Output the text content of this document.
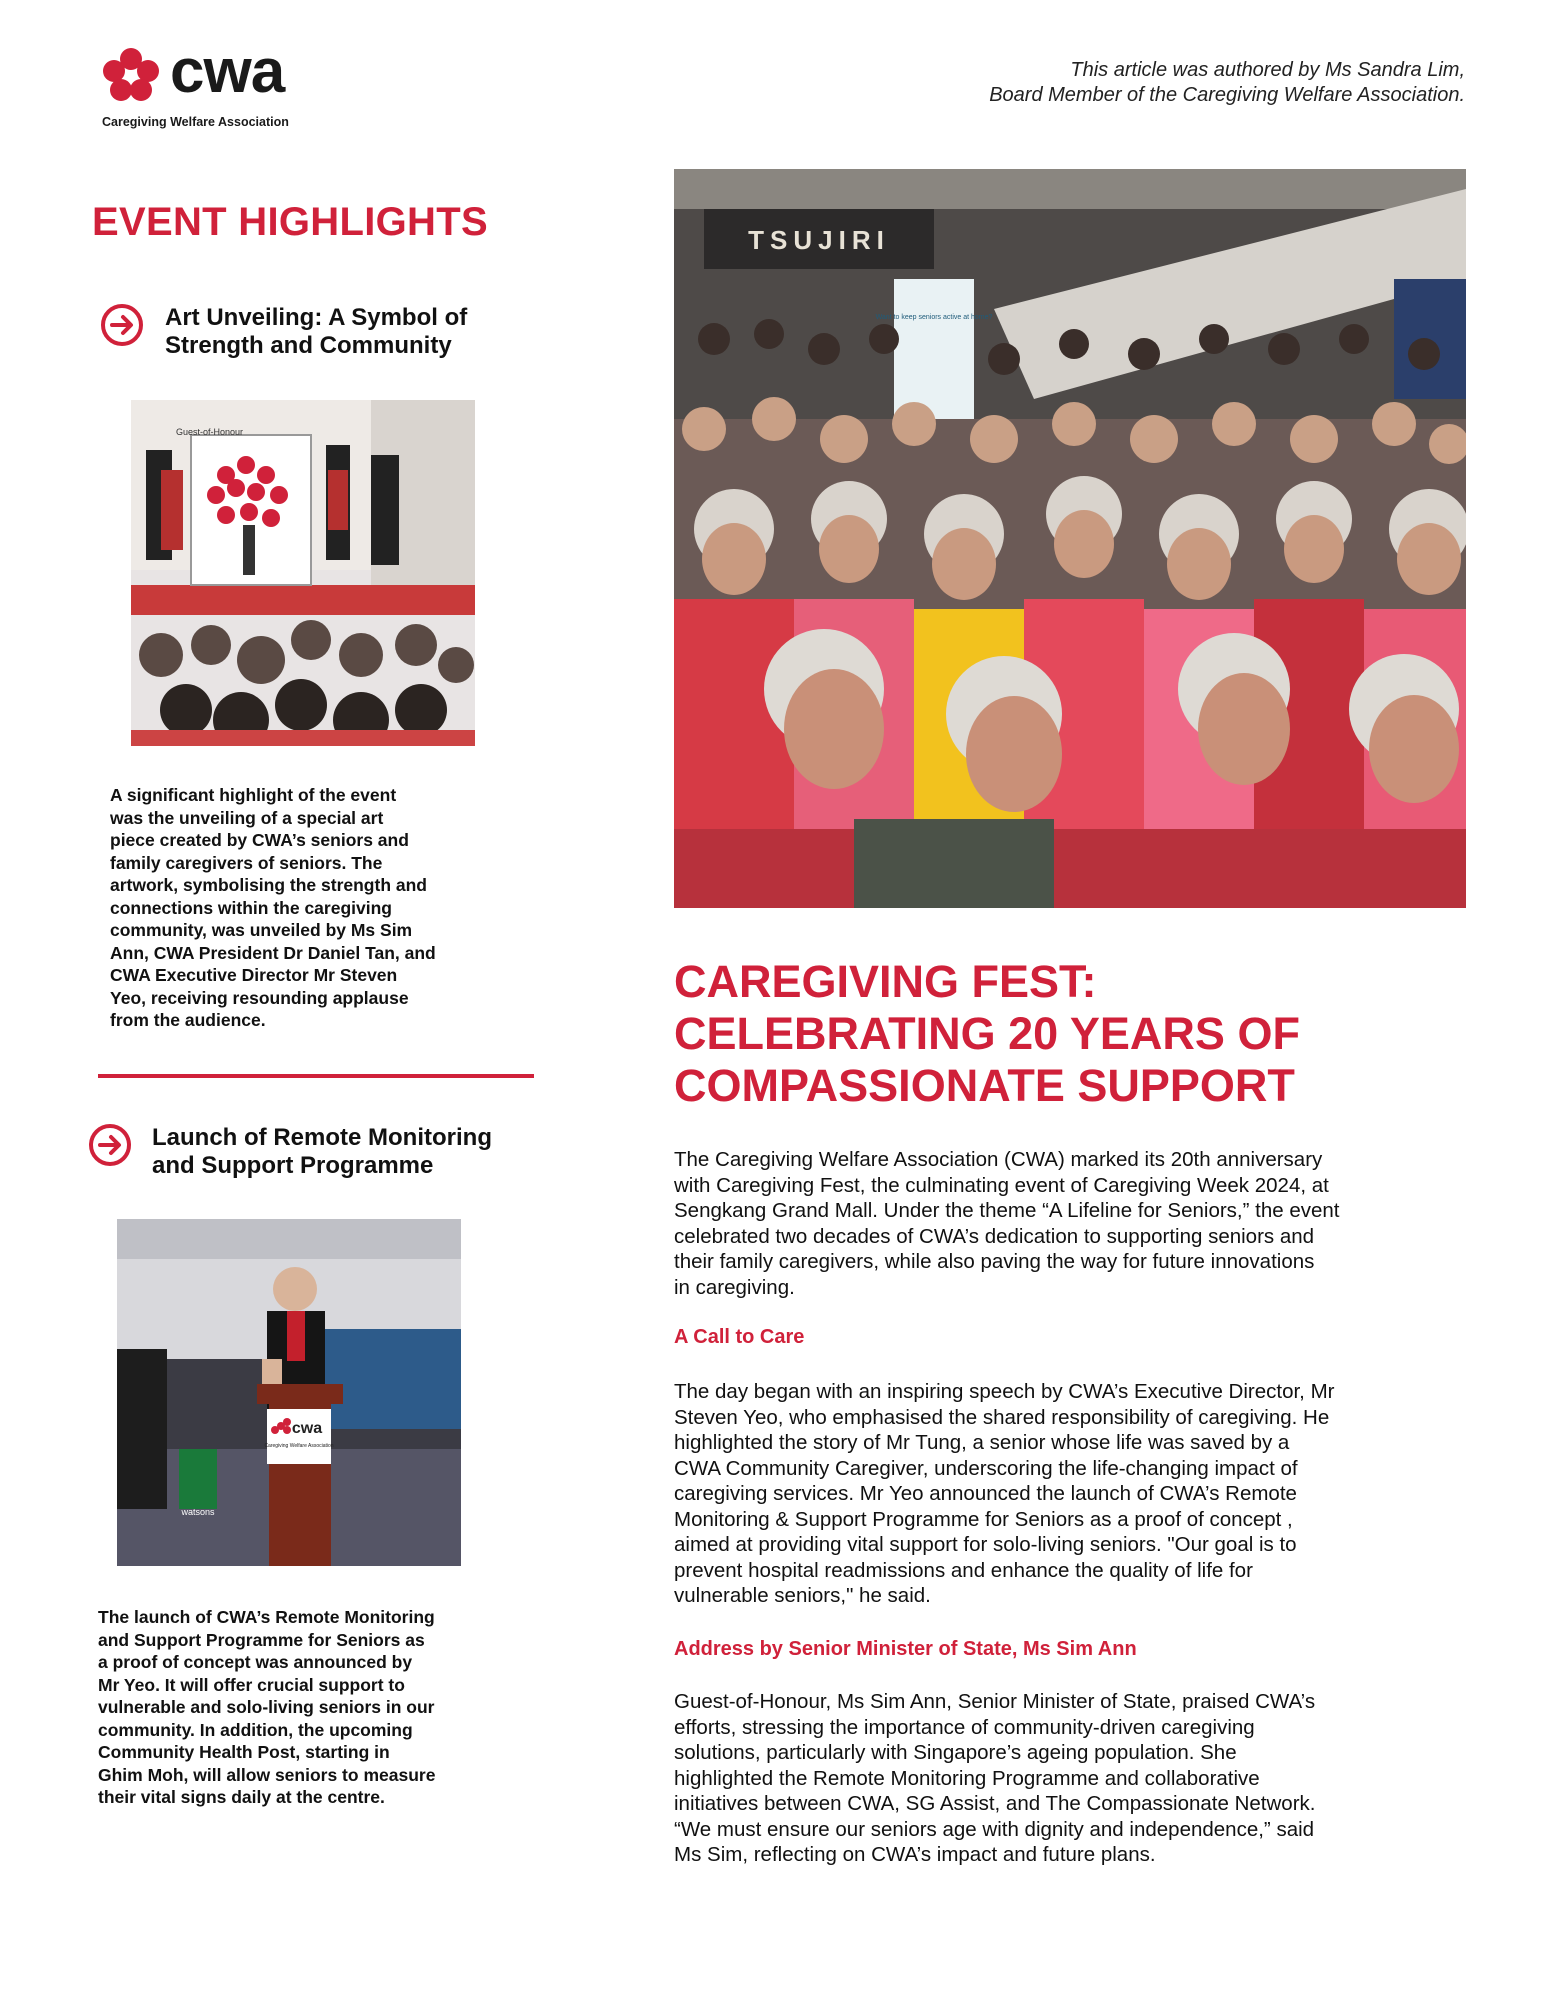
cwa
Caregiving Welfare Association
This article was authored by Ms Sandra Lim,
Board Member of the Caregiving Welfare Association.
EVENT HIGHLIGHTS
Art Unveiling: A Symbol of
Strength and Community
Guest-of-Honour
A significant highlight of the event
was the unveiling of a special art
piece created by CWA’s seniors and
family caregivers of seniors. The
artwork, symbolising the strength and
connections within the caregiving
community, was unveiled by Ms Sim
Ann, CWA President Dr Daniel Tan, and
CWA Executive Director Mr Steven
Yeo, receiving resounding applause
from the audience.
Launch of Remote Monitoring
and Support Programme
watsons
cwa
Caregiving Welfare Association
The launch of CWA’s Remote Monitoring
and Support Programme for Seniors as
a proof of concept was announced by
Mr Yeo. It will offer crucial support to
vulnerable and solo-living seniors in our
community. In addition, the upcoming
Community Health Post, starting in
Ghim Moh, will allow seniors to measure
their vital signs daily at the centre.
TSUJIRI
Want to keep seniors active at home?
CAREGIVING FEST:
CELEBRATING 20 YEARS OF
COMPASSIONATE SUPPORT
The Caregiving Welfare Association (CWA) marked its 20th anniversary
with Caregiving Fest, the culminating event of Caregiving Week 2024, at
Sengkang Grand Mall. Under the theme “A Lifeline for Seniors,” the event
celebrated two decades of CWA’s dedication to supporting seniors and
their family caregivers, while also paving the way for future innovations
in caregiving.
A Call to Care
The day began with an inspiring speech by CWA’s Executive Director, Mr
Steven Yeo, who emphasised the shared responsibility of caregiving. He
highlighted the story of Mr Tung, a senior whose life was saved by a
CWA Community Caregiver, underscoring the life-changing impact of
caregiving services. Mr Yeo announced the launch of CWA’s Remote
Monitoring & Support Programme for Seniors as a proof of concept ,
aimed at providing vital support for solo-living seniors. "Our goal is to
prevent hospital readmissions and enhance the quality of life for
vulnerable seniors," he said.
Address by Senior Minister of State, Ms Sim Ann
Guest-of-Honour, Ms Sim Ann, Senior Minister of State, praised CWA’s
efforts, stressing the importance of community-driven caregiving
solutions, particularly with Singapore’s ageing population. She
highlighted the Remote Monitoring Programme and collaborative
initiatives between CWA, SG Assist, and The Compassionate Network.
“We must ensure our seniors age with dignity and independence,” said
Ms Sim, reflecting on CWA’s impact and future plans.
